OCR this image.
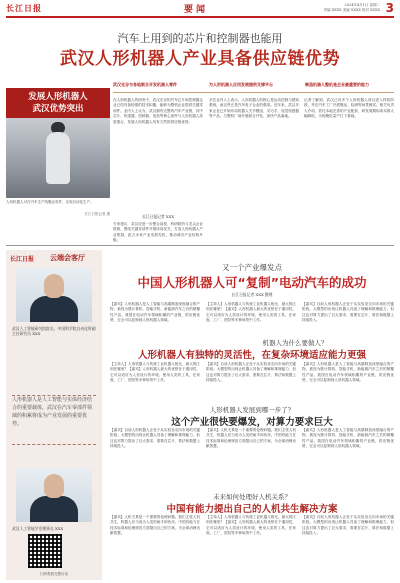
长江日报	要闻	2024年4月1日 星期二
责编 XXXX 美编 XXXX 校对 XXXX 3
汽车上用到的芯片和控制器也能用
武汉人形机器人产业具备供应链优势
发展人形机器人
武汉优势突出
人形机器人可在汽车生产线搬运零件，实现自动化生产。
长江日报记者 摄
武汉光谷与各地联合开发机器人零件	为人形机器人应用发展提供支撑平台	制造机器人整机是企业最重要的能力
在人形机器人的研发中，武汉光谷的汽车芯片和控制器企业已经具备较强的技术积累，能够为整机企业提供关键零部件。业内人士认为，武汉拥有完整的汽车产业链，其中芯片、传感器、控制器、电机等核心部件与人形机器人高度重合，发展人形机器人具有天然的供应链优势。
多位业内人士表示，人形机器人的核心是运动控制与感知系统，而这些正是汽车电子企业的强项。近年来，武汉多家企业已开始布局机器人关节模组、灵巧手、视觉传感器等产品，与整机厂商开展联合开发，加快产品落地。
记者了解到，武汉已有多个人形机器人项目进入样机阶段，并在汽车工厂开展搬运、检测等场景测试。相关负责人介绍，依托本地完善的产业配套，研发周期和成本都大幅降低，为规模化量产打下基础。
长江日报记者 XXX
专家建议，武汉应进一步整合高校、科研院所与龙头企业资源，围绕关键零部件开展协同攻关，打造人形机器人产业集群，抢占未来产业发展先机，推动城市产业结构升级。
长江日报 云端会客厅
武汉人工智能研究院院长、中国科学院自动化所副主任研究员 XXX
人形机器人是人工智能与实体经济结合的重要载体，武汉在汽车零部件领域的积累将成为产业发展的重要优势。
武汉人工智能学会理事长 XXX
扫码观看完整访谈
又一个产业爆发点
中国人形机器人可“复制”电动汽车的成功
长江日报记者 XXX 整理
【嘉宾】人形机器人是人工智能与高端制造深度融合的产物，被视为继计算机、智能手机、新能源汽车之后的颠覆性产品。我国在电动汽车领域积累的产业链、供应链优势，完全可以复制到人形机器人领域。
【主持人】人形机器人与传统工业机器人相比，最大的区别在哪里？【嘉宾】人形机器人最大的优势在于通用性，它可以适应为人类设计的环境，使用人类的工具，在家庭、工厂、医院等多种场景中工作。
【嘉宾】目前人形机器人正处于从实验室走向市场的关键阶段。大模型的出现让机器人具备了理解和推理能力，但这也对算力提出了巨大需求，需要在芯片、算法和数据上持续投入。
机器人为什么要做人？
人形机器人有独特的灵活性，在复杂环境适应能力更强
【主持人】人形机器人与传统工业机器人相比，最大的区别在哪里？【嘉宾】人形机器人最大的优势在于通用性，它可以适应为人类设计的环境，使用人类的工具，在家庭、工厂、医院等多种场景中工作。
【嘉宾】目前人形机器人正处于从实验室走向市场的关键阶段。大模型的出现让机器人具备了理解和推理能力，但这也对算力提出了巨大需求，需要在芯片、算法和数据上持续投入。
【嘉宾】人形机器人是人工智能与高端制造深度融合的产物，被视为继计算机、智能手机、新能源汽车之后的颠覆性产品。我国在电动汽车领域积累的产业链、供应链优势，完全可以复制到人形机器人领域。
人形机器人发展到哪一步了？
这个产业很快要爆发，对算力要求巨大
【嘉宾】目前人形机器人正处于从实验室走向市场的关键阶段。大模型的出现让机器人具备了理解和推理能力，但这也对算力提出了巨大需求，需要在芯片、算法和数据上持续投入。
【嘉宾】人机关系是一个重要的伦理问题。我们主张人机共生，机器人应当成为人类的助手和伙伴。中国有能力在技术标准和伦理规范方面提出自己的方案，为全球治理贡献智慧。
【嘉宾】人形机器人是人工智能与高端制造深度融合的产物，被视为继计算机、智能手机、新能源汽车之后的颠覆性产品。我国在电动汽车领域积累的产业链、供应链优势，完全可以复制到人形机器人领域。
未来如何处理好人机关系？
中国有能力提出自己的人机共生解决方案
【嘉宾】人机关系是一个重要的伦理问题。我们主张人机共生，机器人应当成为人类的助手和伙伴。中国有能力在技术标准和伦理规范方面提出自己的方案，为全球治理贡献智慧。
【主持人】人形机器人与传统工业机器人相比，最大的区别在哪里？【嘉宾】人形机器人最大的优势在于通用性，它可以适应为人类设计的环境，使用人类的工具，在家庭、工厂、医院等多种场景中工作。
【嘉宾】目前人形机器人正处于从实验室走向市场的关键阶段。大模型的出现让机器人具备了理解和推理能力，但这也对算力提出了巨大需求，需要在芯片、算法和数据上持续投入。
